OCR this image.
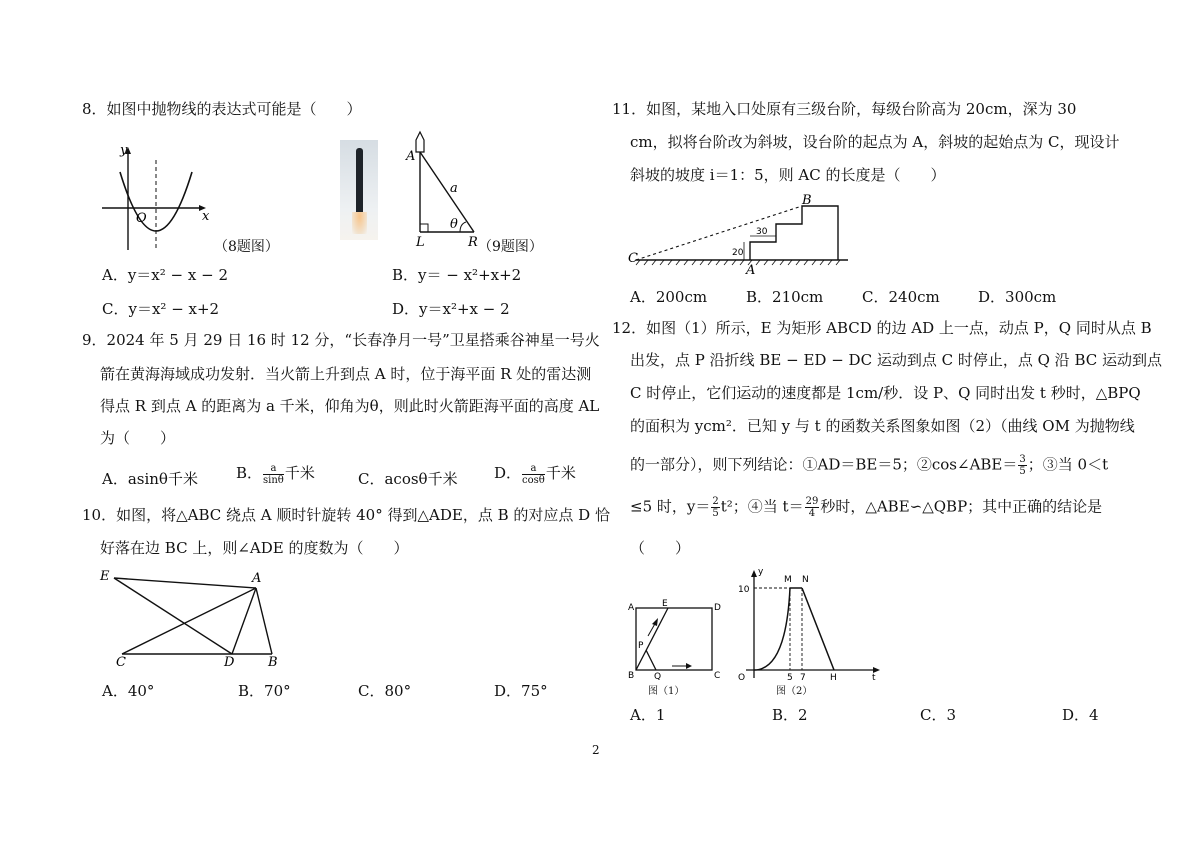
8．如图中抛物线的表达式可能是（　　）
y
x
O
（8题图）
A
a
θ
L	R （9题图）
A．y＝x² − x − 2	B．y＝ − x²+x+2
C．y＝x² − x+2	D．y＝x²+x − 2
9．2024 年 5 月 29 日 16 时 12 分，“长春净月一号”卫星搭乘谷神星一号火
箭在黄海海域成功发射．当火箭上升到点 A 时，位于海平面 R 处的雷达测
得点 R 到点 A 的距离为 a 千米，仰角为θ，则此时火箭距海平面的高度 AL
为（　　）
A．asinθ千米	B． $\frac{a}{\sin\theta}$ 千米	C．acosθ千米 D． $\frac{a}{\cos\theta}$ 千米
10．如图，将△ABC 绕点 A 顺时针旋转 40° 得到△ADE，点 B 的对应点 D 恰
好落在边 BC 上，则∠ADE 的度数为（　　）
E	A
C	D	B
A．40°	B．70°	C．80°	D．75°
11．如图，某地入口处原有三级台阶，每级台阶高为 20cm，深为 30
cm，拟将台阶改为斜坡，设台阶的起点为 A，斜坡的起始点为 C，现设计
斜坡的坡度 i＝1：5，则 AC 的长度是（　　）
B
C
A
20
30
A．200cm	B．210cm	C．240cm	D．300cm
12．如图（1）所示，E 为矩形 ABCD 的边 AD 上一点，动点 P，Q 同时从点 B
出发，点 P 沿折线 BE − ED − DC 运动到点 C 时停止，点 Q 沿 BC 运动到点
C 时停止，它们运动的速度都是 1cm/秒．设 P、Q 同时出发 t 秒时，△BPQ
的面积为 ycm²．已知 y 与 t 的函数关系图象如图（2）（曲线 OM 为抛物线
的一部分），则下列结论：①AD＝BE＝5；②cos∠ABE＝ $\frac{3}{5}$ ；③当 0＜t
≤5 时，$y= \frac{2}{5} t^2$；④当 $t= \frac{29}{4}$ 秒时，△ABE∽△QBP；其中正确的结论是
（　　）
A	E	D
P
B Q	C
图（1）
y
10
M N
O	5 7	H	t
图（2）
A．1	B．2	C．3	D．4
2
